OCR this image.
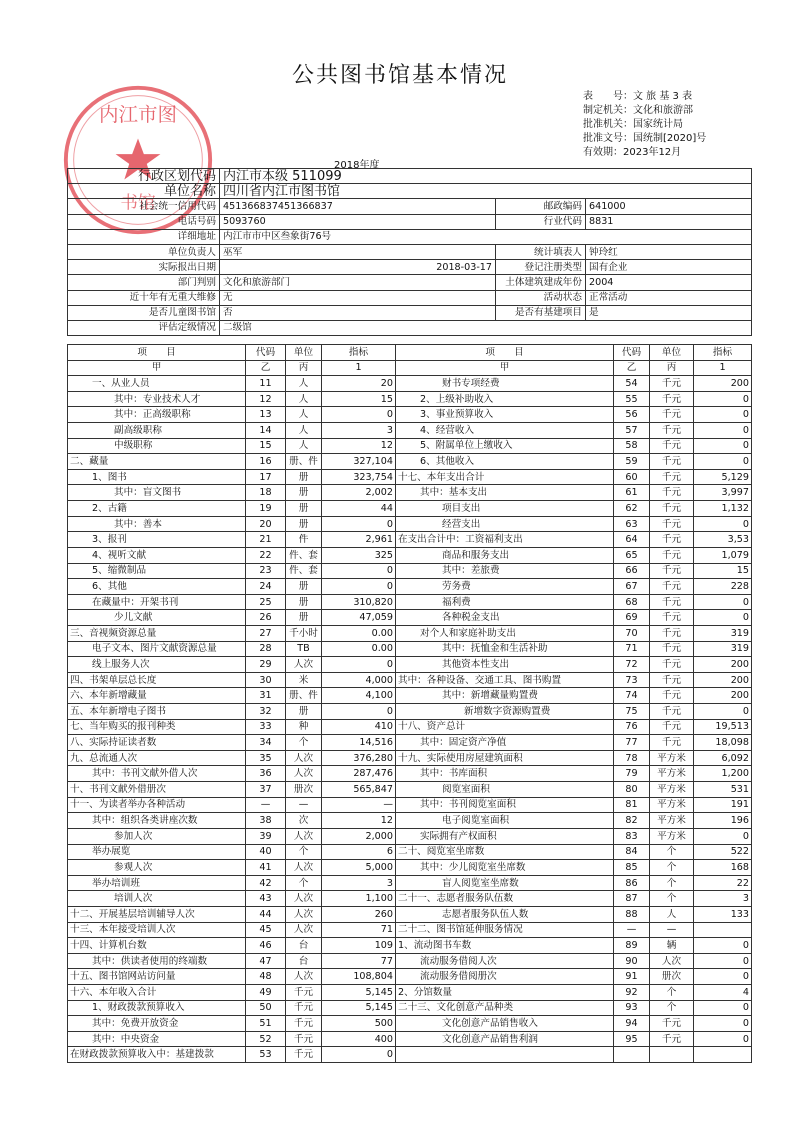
公共图书馆基本情况
内江市图
书馆
表　　号：文 旅 基 3 表
制定机关：文化和旅游部
批准机关：国家统计局
批准文号：国统制[2020]号
有效期：2023年12月
2018年度
行政区划代码	内江市本级 511099		
单位名称	四川省内江市图书馆		
社会统一信用代码	451366837451366837	邮政编码	641000
电话号码	5093760	行业代码	8831
详细地址	内江市市中区叁象街76号		
单位负责人	巫军	统计填表人	钟玲红
实际报出日期	2018-03-17	登记注册类型	国有企业
部门判别	文化和旅游部门	土体建筑建成年份	2004
近十年有无重大维修	无	活动状态	正常活动
是否儿童图书馆	否	是否有基建项目	是
评估定级情况	二级馆		
项　　目	代码	单位	指标	项　　目	代码	单位	指标
甲	乙	丙	1	甲	乙	丙	1
一、从业人员	11	人	20	财书专项经费	54	千元	200
其中：专业技术人才	12	人	15	2、上级补助收入	55	千元	0
其中：正高级职称	13	人	0	3、事业预算收入	56	千元	0
副高级职称	14	人	3	4、经营收入	57	千元	0
中级职称	15	人	12	5、附属单位上缴收入	58	千元	0
二、藏量	16	册、件	327,104	6、其他收入	59	千元	0
1、图书	17	册	323,754	十七、本年支出合计	60	千元	5,129
其中：盲文图书	18	册	2,002	其中：基本支出	61	千元	3,997
2、古籍	19	册	44	项目支出	62	千元	1,132
其中：善本	20	册	0	经营支出	63	千元	0
3、报刊	21	件	2,961	在支出合计中：工资福利支出	64	千元	3,53
4、视听文献	22	件、套	325	商品和服务支出	65	千元	1,079
5、缩微制品	23	件、套	0	其中：差旅费	66	千元	15
6、其他	24	册	0	劳务费	67	千元	228
在藏量中：开架书刊	25	册	310,820	福利费	68	千元	0
少儿文献	26	册	47,059	各种税金支出	69	千元	0
三、音视频资源总量	27	千小时	0.00	对个人和家庭补助支出	70	千元	319
电子文本、图片文献资源总量	28	TB	0.00	其中：抚恤金和生活补助	71	千元	319
线上服务人次	29	人次	0	其他资本性支出	72	千元	200
四、书架单层总长度	30	米	4,000	其中：各种设备、交通工具、图书购置	73	千元	200
六、本年新增藏量	31	册、件	4,100	其中：新增藏量购置费	74	千元	200
五、本年新增电子图书	32	册	0	新增数字资源购置费	75	千元	0
七、当年购买的报刊种类	33	种	410	十八、资产总计	76	千元	19,513
八、实际持证读者数	34	个	14,516	其中：固定资产净值	77	千元	18,098
九、总流通人次	35	人次	376,280	十九、实际使用房屋建筑面积	78	平方米	6,092
其中：书刊文献外借人次	36	人次	287,476	其中：书库面积	79	平方米	1,200
十、书刊文献外借册次	37	册次	565,847	阅览室面积	80	平方米	531
十一、为读者举办各种活动	—	—	—	其中：书刊阅览室面积	81	平方米	191
其中：组织各类讲座次数	38	次	12	电子阅览室面积	82	平方米	196
参加人次	39	人次	2,000	实际拥有产权面积	83	平方米	0
举办展览	40	个	6	二十、阅览室坐席数	84	个	522
参观人次	41	人次	5,000	其中：少儿阅览室坐席数	85	个	168
举办培训班	42	个	3	盲人阅览室坐席数	86	个	22
培训人次	43	人次	1,100	二十一、志愿者服务队伍数	87	个	3
十二、开展基层培训辅导人次	44	人次	260	志愿者服务队伍人数	88	人	133
十三、本年接受培训人次	45	人次	71	二十二、图书馆延伸服务情况	—	—	
十四、计算机台数	46	台	109	1、流动图书车数	89	辆	0
其中：供读者使用的终端数	47	台	77	流动服务借阅人次	90	人次	0
十五、图书馆网站访问量	48	人次	108,804	流动服务借阅册次	91	册次	0
十六、本年收入合计	49	千元	5,145	2、分馆数量	92	个	4
1、财政拨款预算收入	50	千元	5,145	二十三、文化创意产品种类	93	个	0
其中：免费开放资金	51	千元	500	文化创意产品销售收入	94	千元	0
其中：中央资金	52	千元	400	文化创意产品销售利润	95	千元	0
在财政拨款预算收入中：基建拨款	53	千元	0				
